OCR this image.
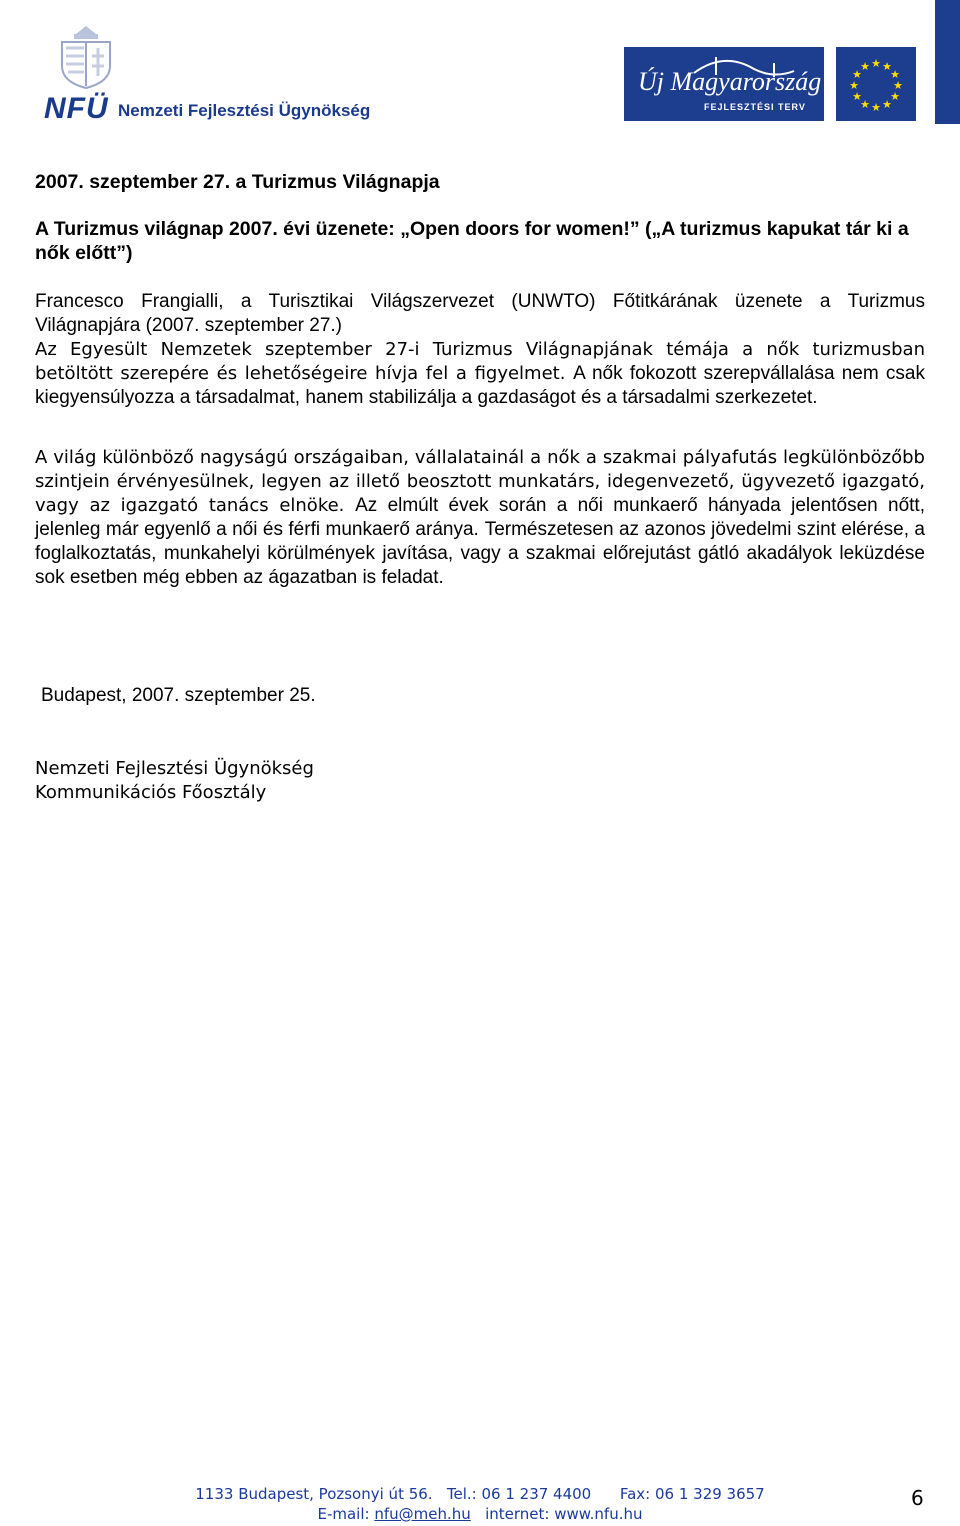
NFÜ Nemzeti Fejlesztési Ügynökség
Új Magyarország
FEJLESZTÉSI TERV
★ ★
★
★
★
★
★
★
★
★
★
★

2007. szeptember 27. a Turizmus Világnapja

A Turizmus világnap 2007. évi üzenete: „Open doors for women!” („A turizmus kapukat tár ki a nők előtt”)

Francesco Frangialli, a Turisztikai Világszervezet (UNWTO) Főtitkárának üzenete a Turizmus Világnapjára (2007. szeptember 27.)

Az Egyesült Nemzetek szeptember 27-i Turizmus Világnapjának témája a nők turizmusban betöltött szerepére és lehetőségeire hívja fel a figyelmet. A nők fokozott szerepvállalása nem csak kiegyensúlyozza a társadalmat, hanem stabilizálja a gazdaságot és a társadalmi szerkezetet.

A világ különböző nagyságú országaiban, vállalatainál a nők a szakmai pályafutás legkülönbözőbb szintjein érvényesülnek, legyen az illető beosztott munkatárs, idegenvezető, ügyvezető igazgató, vagy az igazgató tanács elnöke. Az elmúlt évek során a női munkaerő hányada jelentősen nőtt, jelenleg már egyenlő a női és férfi munkaerő aránya. Természetesen az azonos jövedelmi szint elérése, a foglalkoztatás, munkahelyi körülmények javítása, vagy a szakmai előrejutást gátló akadályok leküzdése sok esetben még ebben az ágazatban is feladat.

Budapest, 2007. szeptember 25.

Nemzeti Fejlesztési Ügynökség

Kommunikációs Főosztály

1133 Budapest, Pozsonyi út 56. Tel.: 06 1 237 4400 Fax: 06 1 329 3657
E-mail: nfu@meh.hu internet: www.nfu.hu
6
